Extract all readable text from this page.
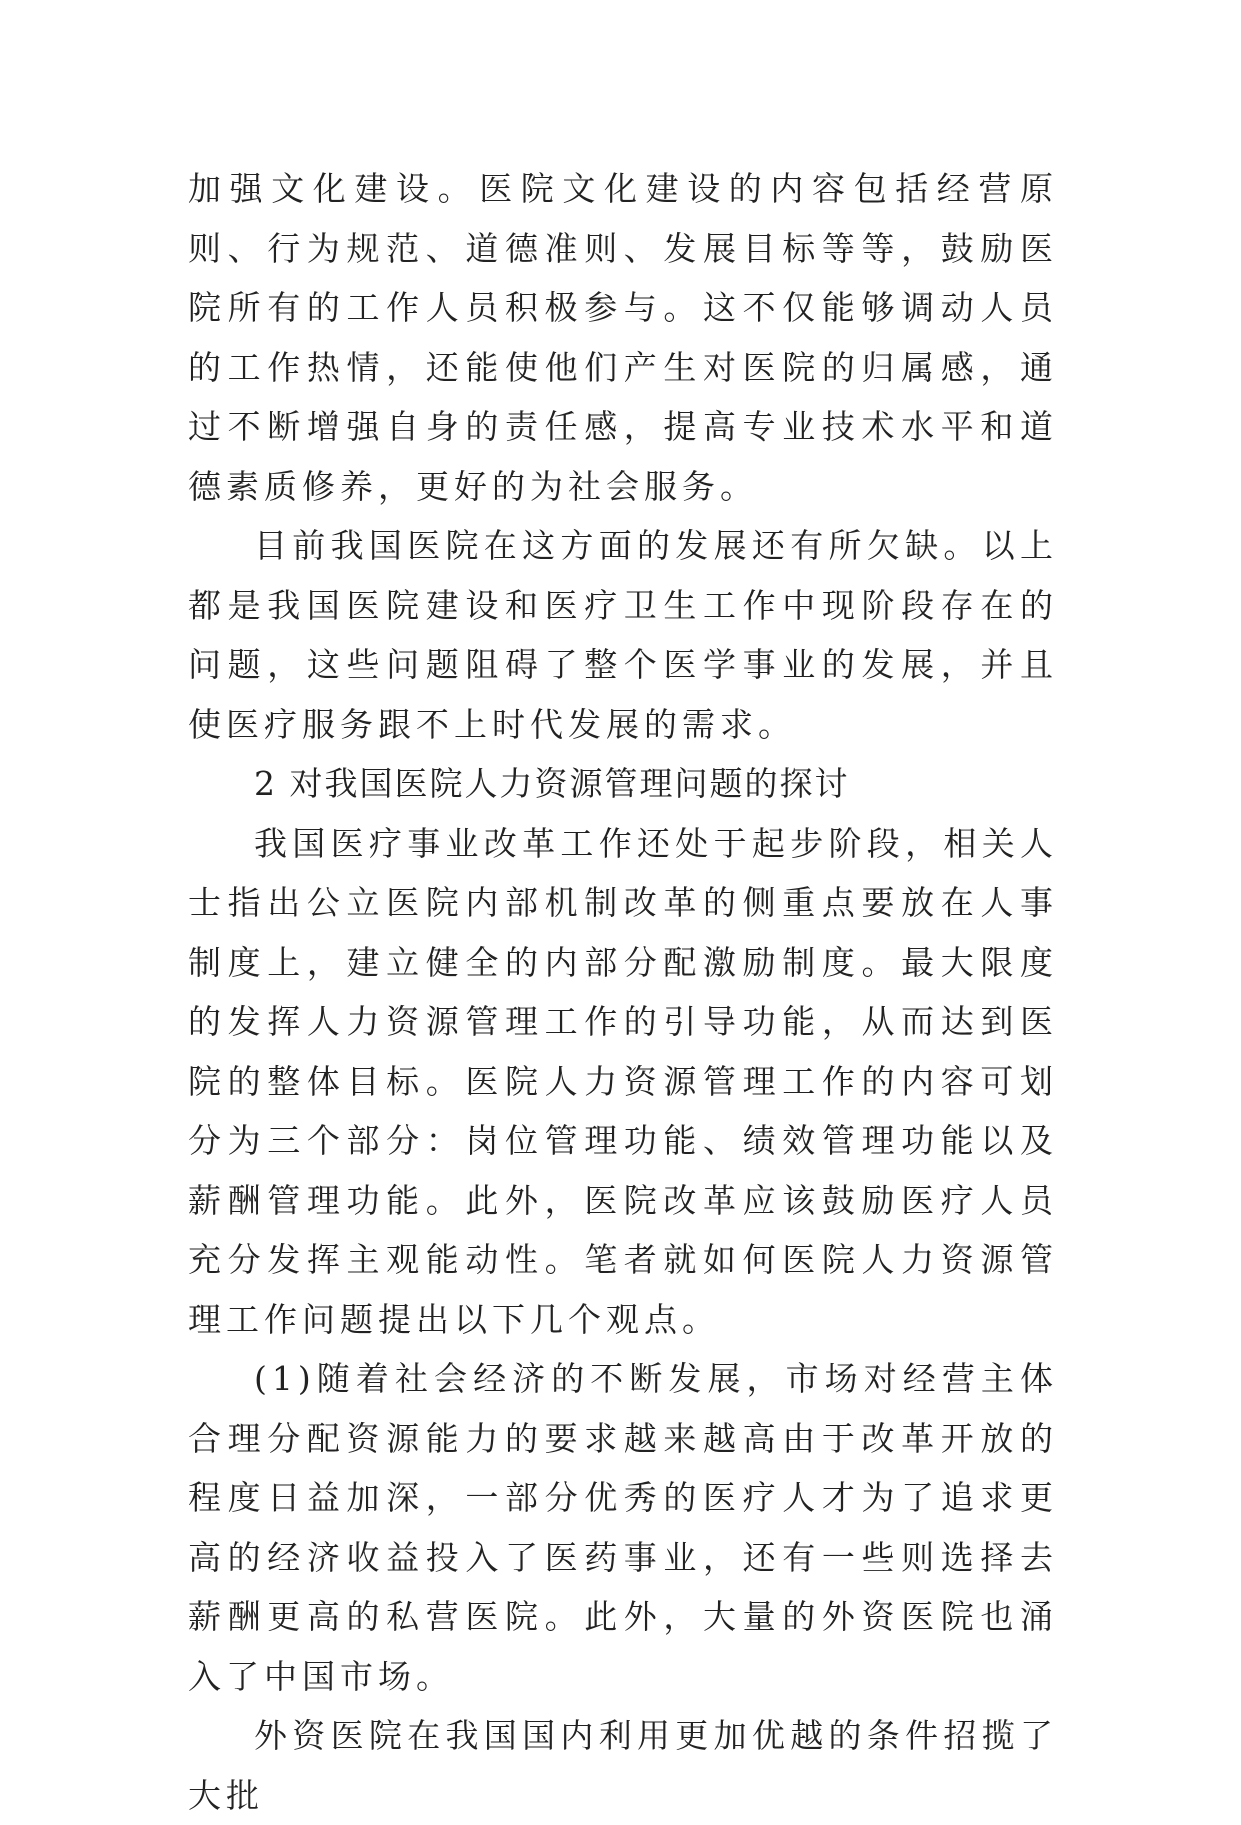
加强文化建设。医院文化建设的内容包括经营原则、行为规范、道德准则、发展目标等等，鼓励医院所有的工作人员积极参与。这不仅能够调动人员的工作热情，还能使他们产生对医院的归属感，通过不断增强自身的责任感，提高专业技术水平和道德素质修养，更好的为社会服务。

目前我国医院在这方面的发展还有所欠缺。以上都是我国医院建设和医疗卫生工作中现阶段存在的问题，这些问题阻碍了整个医学事业的发展，并且使医疗服务跟不上时代发展的需求。

2 对我国医院人力资源管理问题的探讨

我国医疗事业改革工作还处于起步阶段，相关人士指出公立医院内部机制改革的侧重点要放在人事制度上，建立健全的内部分配激励制度。最大限度的发挥人力资源管理工作的引导功能，从而达到医院的整体目标。医院人力资源管理工作的内容可划分为三个部分：岗位管理功能、绩效管理功能以及薪酬管理功能。此外，医院改革应该鼓励医疗人员充分发挥主观能动性。笔者就如何医院人力资源管理工作问题提出以下几个观点。

(1)随着社会经济的不断发展，市场对经营主体合理分配资源能力的要求越来越高由于改革开放的程度日益加深，一部分优秀的医疗人才为了追求更高的经济收益投入了医药事业，还有一些则选择去薪酬更高的私营医院。此外，大量的外资医院也涌入了中国市场。

外资医院在我国国内利用更加优越的条件招揽了大批
